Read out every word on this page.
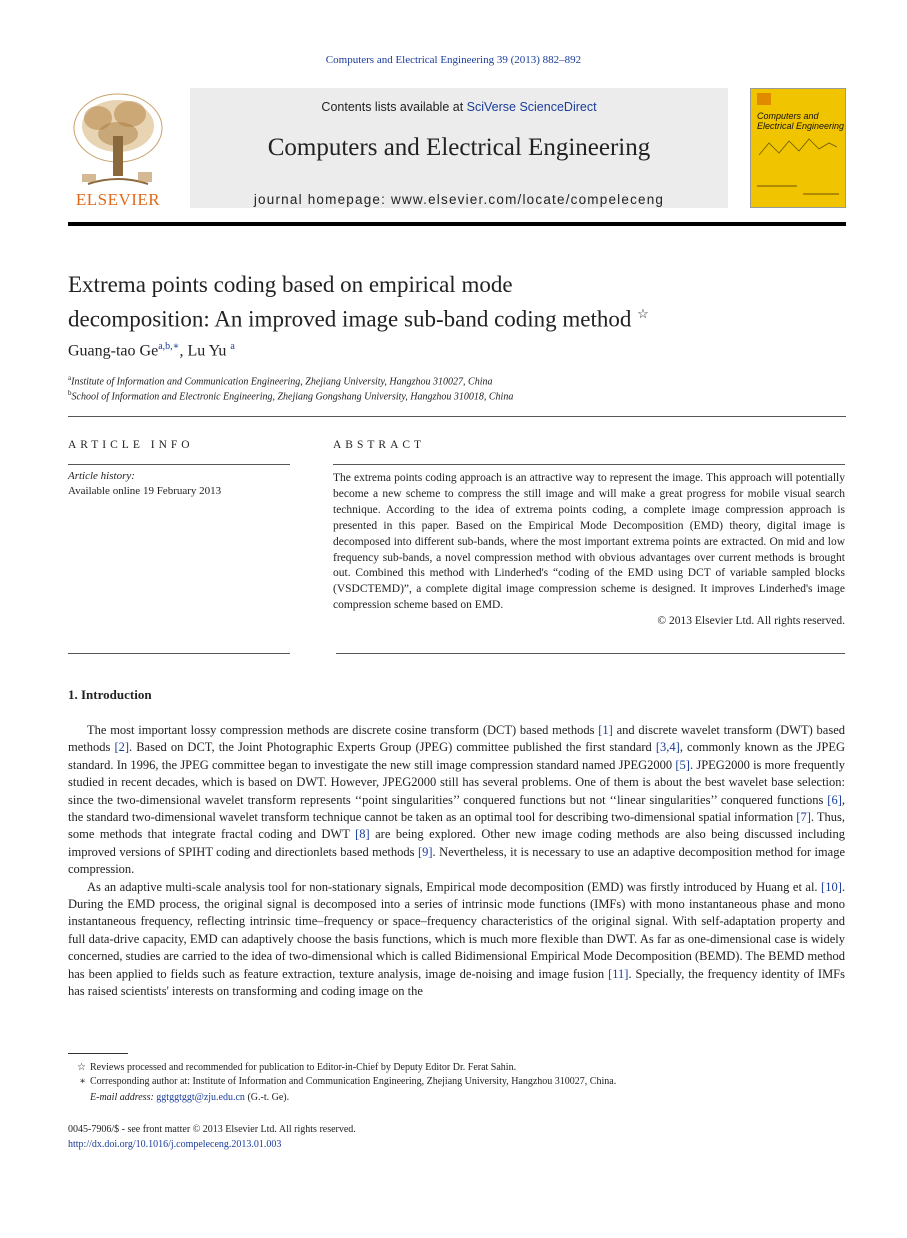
Computers and Electrical Engineering 39 (2013) 882–892
ELSEVIER
Contents lists available at SciVerse ScienceDirect
Computers and Electrical Engineering
journal homepage: www.elsevier.com/locate/compeleceng
Computers and
Electrical Engineering
Extrema points coding based on empirical mode
decomposition: An improved image sub-band coding method ☆
Guang-tao $Ge^{a,b,∗}$, Lu Yu $^a$
$^a$Institute of Information and Communication Engineering, Zhejiang University, Hangzhou 310027, China
$^b$School of Information and Electronic Engineering, Zhejiang Gongshang University, Hangzhou 310018, China
ARTICLE INFO
Article history:
Available online 19 February 2013
ABSTRACT
The extrema points coding approach is an attractive way to represent the image. This approach will potentially become a new scheme to compress the still image and will make a great progress for mobile visual search technique. According to the idea of extrema points coding, a complete image compression approach is presented in this paper. Based on the Empirical Mode Decomposition (EMD) theory, digital image is decomposed into different sub-bands, where the most important extrema points are extracted. On mid and low frequency sub-bands, a novel compression method with obvious advantages over current methods is brought out. Combined this method with Linderhed's “coding of the EMD using DCT of variable sampled blocks (VSDCTEMD)”, a complete digital image compression scheme is designed. It improves Linderhed's image compression scheme based on EMD.
© 2013 Elsevier Ltd. All rights reserved.
1. Introduction

The most important lossy compression methods are discrete cosine transform (DCT) based methods [1] and discrete wavelet transform (DWT) based methods [2]. Based on DCT, the Joint Photographic Experts Group (JPEG) committee published the first standard [3,4], commonly known as the JPEG standard. In 1996, the JPEG committee began to investigate the new still image compression standard named JPEG2000 [5]. JPEG2000 is more frequently studied in recent decades, which is based on DWT. However, JPEG2000 still has several problems. One of them is about the best wavelet base selection: since the two-dimensional wavelet transform represents ‘‘point singularities’’ conquered functions but not ‘‘linear singularities’’ conquered functions [6], the standard two-dimensional wavelet transform technique cannot be taken as an optimal tool for describing two-dimensional spatial information [7]. Thus, some methods that integrate fractal coding and DWT [8] are being explored. Other new image coding methods are also being discussed including improved versions of SPIHT coding and directionlets based methods [9]. Nevertheless, it is necessary to use an adaptive decomposition method for image compression.

As an adaptive multi-scale analysis tool for non-stationary signals, Empirical mode decomposition (EMD) was firstly introduced by Huang et al. [10]. During the EMD process, the original signal is decomposed into a series of intrinsic mode functions (IMFs) with mono instantaneous phase and mono instantaneous frequency, reflecting intrinsic time–frequency or space–frequency characteristics of the original signal. With self-adaptation property and full data-drive capacity, EMD can adaptively choose the basis functions, which is much more flexible than DWT. As far as one-dimensional case is widely concerned, studies are carried to the idea of two-dimensional which is called Bidimensional Empirical Mode Decomposition (BEMD). The BEMD method has been applied to fields such as feature extraction, texture analysis, image de-noising and image fusion [11]. Specially, the frequency identity of IMFs has raised scientists' interests on transforming and coding image on the

☆ Reviews processed and recommended for publication to Editor-in-Chief by Deputy Editor Dr. Ferat Sahin.
∗ Corresponding author at: Institute of Information and Communication Engineering, Zhejiang University, Hangzhou 310027, China.
E-mail address: ggtggtggt@zju.edu.cn (G.-t. Ge).
0045-7906/$ - see front matter © 2013 Elsevier Ltd. All rights reserved.
http://dx.doi.org/10.1016/j.compeleceng.2013.01.003
